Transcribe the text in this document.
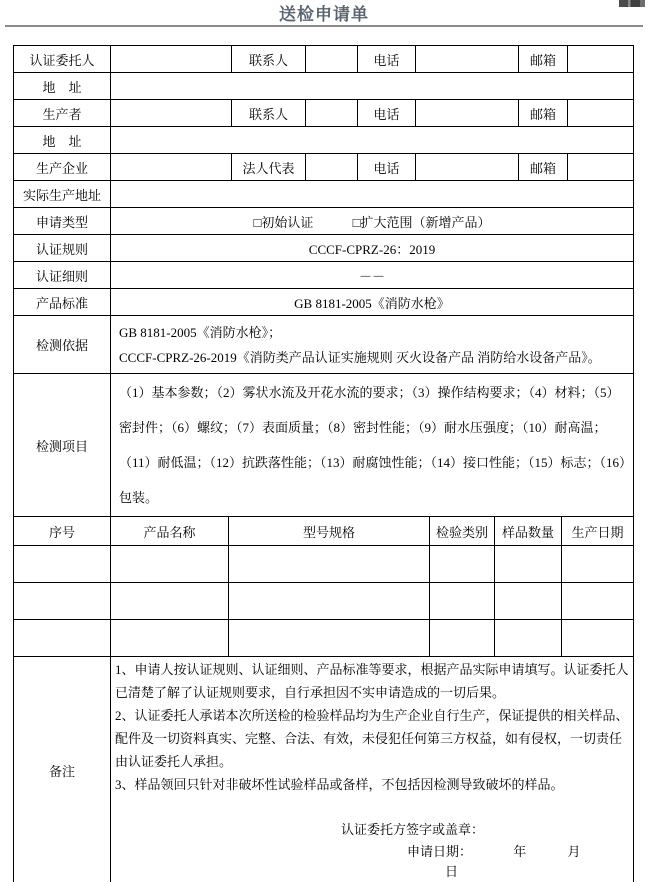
送检申请单
认证委托人		联系人		电话		邮箱	
地　址							
生产者		联系人		电话		邮箱	
地　址							
生产企业		法人代表		电话		邮箱	
实际生产地址							
申请类型	□初始认证 □扩大范围（新增产品）						
认证规则	CCCF-CPRZ-26：2019						
认证细则	－－						
产品标准	GB 8181-2005《消防水枪》						
检测依据	GB 8181-2005《消防水枪》；
CCCF-CPRZ-26-2019《消防类产品认证实施规则 灭火设备产品 消防给水设备产品》。						

检测项目	（1）基本参数；（2）雾状水流及开花水流的要求；（3）操作结构要求；（4）材料；（5）密封件；（6）螺纹；（7）表面质量；（8）密封性能；（9）耐水压强度；（10）耐高温；（11）耐低温；（12）抗跌落性能；（13）耐腐蚀性能；（14）接口性能；（15）标志；（16）包装。						
序号	产品名称	型号规格	检验类别	样品数量	生产日期

备注	
1、申请人按认证规则、认证细则、产品标准等要求，根据产品实际申请填写。认证委托人已清楚了解了认证规则要求，自行承担因不实申请造成的一切后果。
2、认证委托人承诺本次所送检的检验样品均为生产企业自行生产，保证提供的相关样品、配件及一切资料真实、完整、合法、有效，未侵犯任何第三方权益，如有侵权，一切责任由认证委托人承担。
3、样品领回只针对非破坏性试验样品或备样，不包括因检测导致破坏的样品。
认证委托方签字或盖章：
申请日期：	年	月 日
